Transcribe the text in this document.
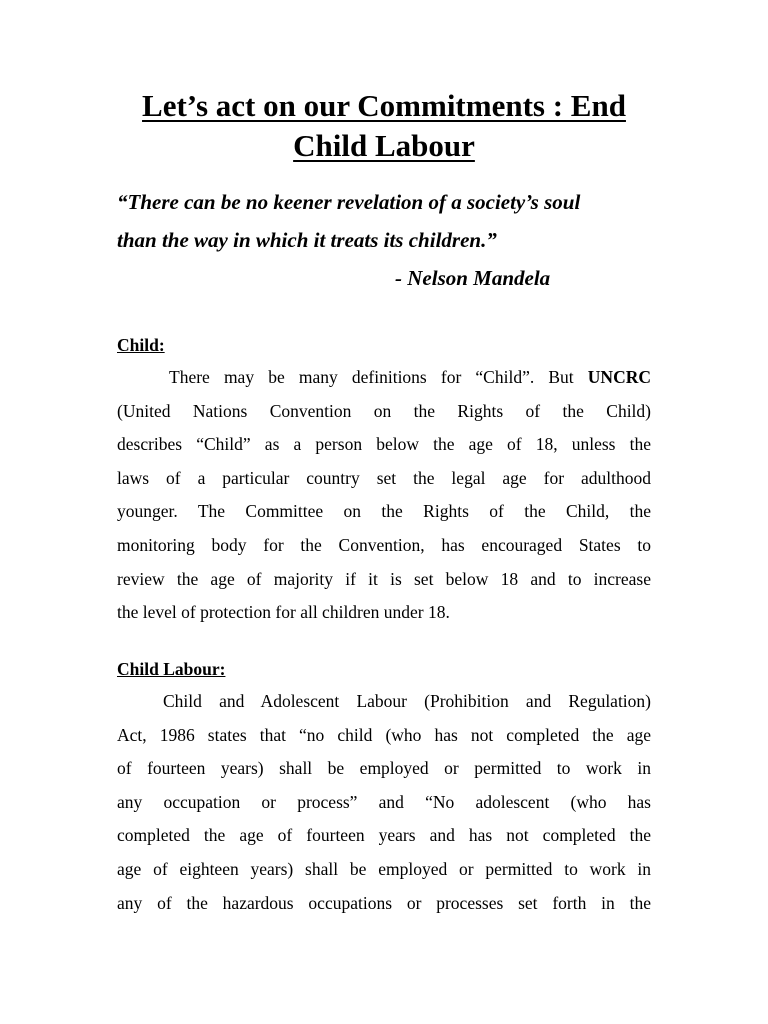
Let’s act on our Commitments : End
Child Labour
“There can be no keener revelation of a society’s soul
than the way in which it treats its children.”
- Nelson Mandela
Child:
There may be many definitions for “Child”. But UNCRC
(United Nations Convention on the Rights of the Child)
describes “Child” as a person below the age of 18, unless the
laws of a particular country set the legal age for adulthood
younger. The Committee on the Rights of the Child, the
monitoring body for the Convention, has encouraged States to
review the age of majority if it is set below 18 and to increase
the level of protection for all children under 18.
Child Labour:
Child and Adolescent Labour (Prohibition and Regulation)
Act, 1986 states that “no child (who has not completed the age
of fourteen years) shall be employed or permitted to work in
any occupation or process” and “No adolescent (who has
completed the age of fourteen years and has not completed the
age of eighteen years) shall be employed or permitted to work in
any of the hazardous occupations or processes set forth in the
